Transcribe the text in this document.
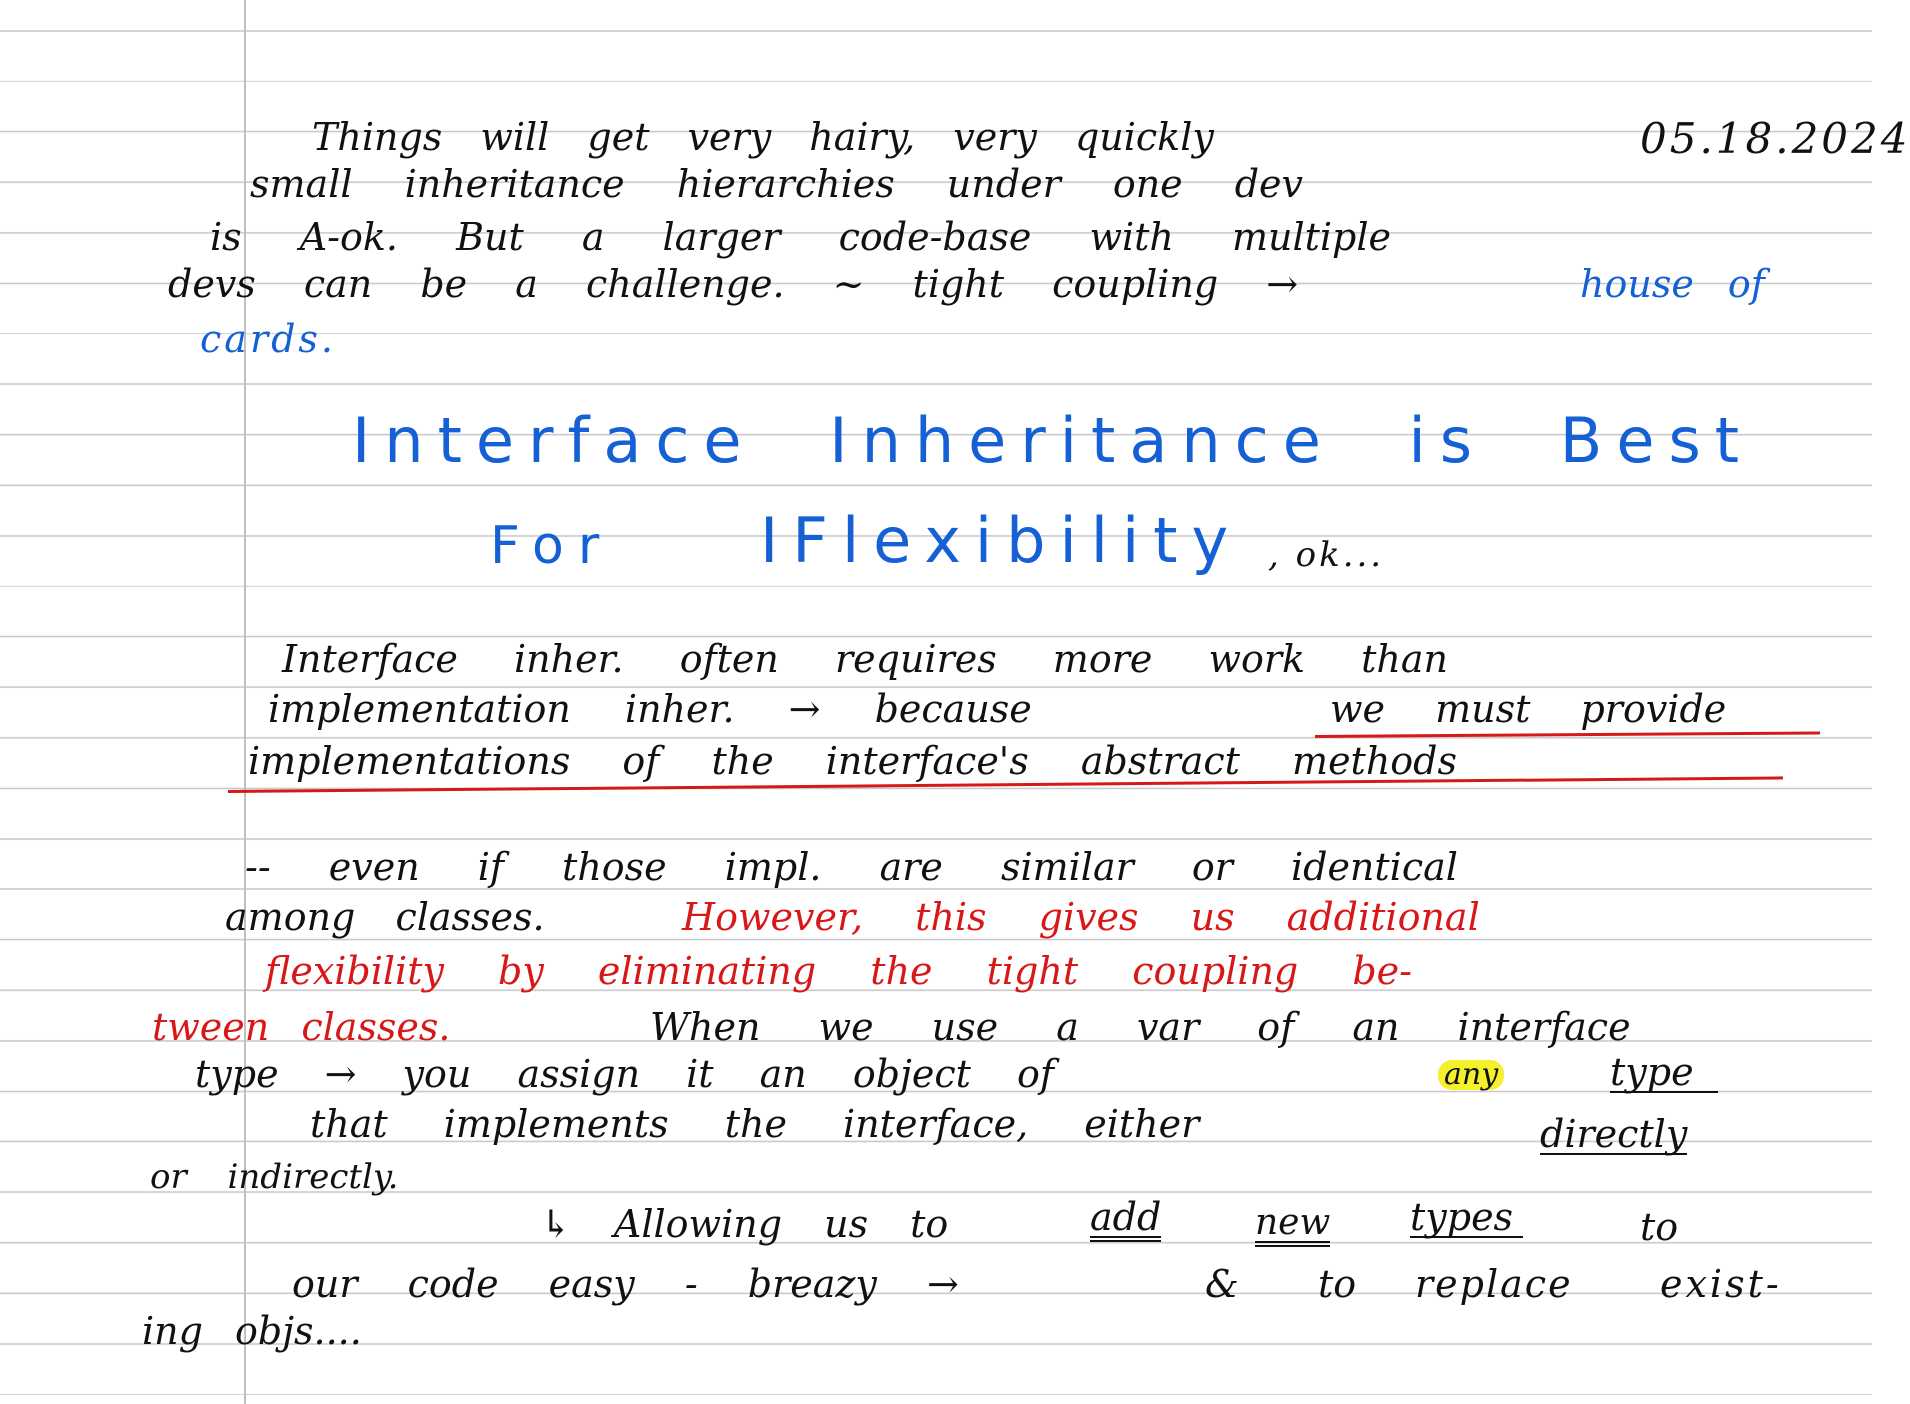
Things will get very hairy, very quickly	05.18.2024
small inheritance hierarchies under one dev
is A-ok. But a larger code-base with multiple
devs can be a challenge. ~ tight coupling →	house of
cards.
Interface Inheritance is Best
For IFlexibility , ok...
Interface inher. often requires more work than
implementation inher. → because	we must provide
implementations of the interface's abstract methods
-- even if those impl. are similar or identical
among classes.	However, this gives us additional
flexibility by eliminating the tight coupling be-
tween classes.	When we use a var of an interface
type → you assign it an object of	any	type
that implements the interface, either	directly
or indirectly.
↳ Allowing us to	add	new types	to
our code easy - breazy →	& to replace exist-
ing objs....
